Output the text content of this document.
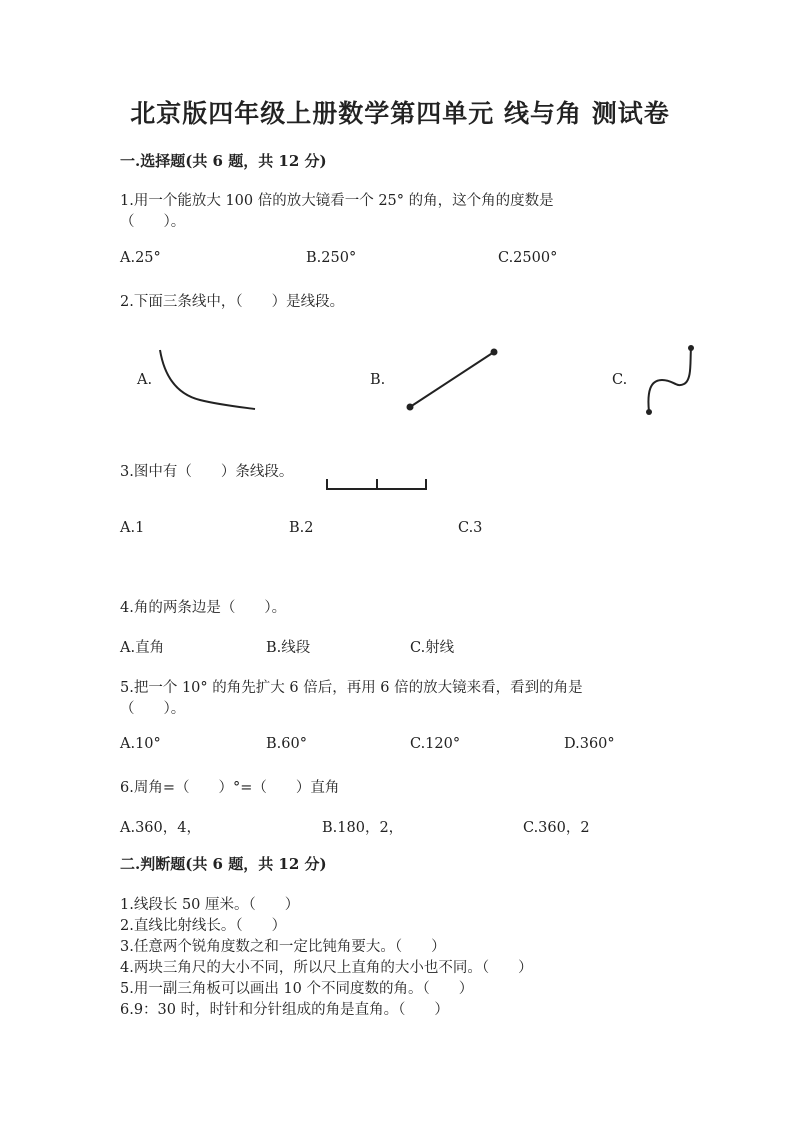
北京版四年级上册数学第四单元 线与角 测试卷
一.选择题(共 6 题，共 12 分)
1.用一个能放大 100 倍的放大镜看一个 25° 的角，这个角的度数是
（　　）。
A.25°	B.250°	C.2500°
2.下面三条线中，（　　）是线段。
A.	B.	C.
3.图中有（　　）条线段。
A.1	B.2	C.3
4.角的两条边是（　　）。
A.直角	B.线段	C.射线
5.把一个 10° 的角先扩大 6 倍后，再用 6 倍的放大镜来看，看到的角是
（　　）。
A.10°	B.60°	C.120°	D.360°
6.周角=（　　）°=（　　）直角
A.360，4，	B.180，2，	C.360，2
二.判断题(共 6 题，共 12 分)
1.线段长 50 厘米。（　　）
2.直线比射线长。（　　）
3.任意两个锐角度数之和一定比钝角要大。（　　）
4.两块三角尺的大小不同，所以尺上直角的大小也不同。（　　）
5.用一副三角板可以画出 10 个不同度数的角。（　　）
6.9：30 时，时针和分针组成的角是直角。（　　）
